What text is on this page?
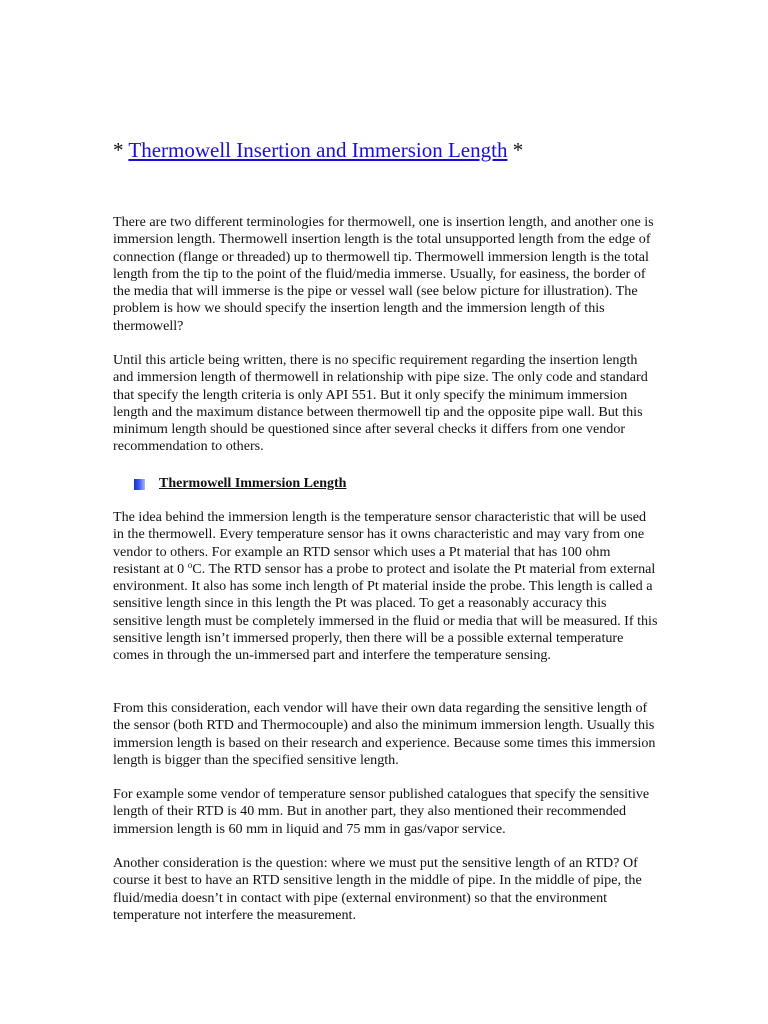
* Thermowell Insertion and Immersion Length *

There are two different terminologies for thermowell, one is insertion length, and another one is immersion length. Thermowell insertion length is the total unsupported length from the edge of connection (flange or threaded) up to thermowell tip. Thermowell immersion length is the total length from the tip to the point of the fluid/media immerse. Usually, for easiness, the border of the media that will immerse is the pipe or vessel wall (see below picture for illustration). The problem is how we should specify the insertion length and the immersion length of this thermowell?

Until this article being written, there is no specific requirement regarding the insertion length and immersion length of thermowell in relationship with pipe size. The only code and standard that specify the length criteria is only API 551. But it only specify the minimum immersion length and the maximum distance between thermowell tip and the opposite pipe wall. But this minimum length should be questioned since after several checks it differs from one vendor recommendation to others.

Thermowell Immersion Length

The idea behind the immersion length is the temperature sensor characteristic that will be used in the thermowell. Every temperature sensor has it owns characteristic and may vary from one vendor to others. For example an RTD sensor which uses a Pt material that has 100 ohm resistant at 0 $^o$C. The RTD sensor has a probe to protect and isolate the Pt material from external environment. It also has some inch length of Pt material inside the probe. This length is called a sensitive length since in this length the Pt was placed. To get a reasonably accuracy this sensitive length must be completely immersed in the fluid or media that will be measured. If this sensitive length isn’t immersed properly, then there will be a possible external temperature comes in through the un-immersed part and interfere the temperature sensing.

From this consideration, each vendor will have their own data regarding the sensitive length of the sensor (both RTD and Thermocouple) and also the minimum immersion length. Usually this immersion length is based on their research and experience. Because some times this immersion length is bigger than the specified sensitive length.

For example some vendor of temperature sensor published catalogues that specify the sensitive length of their RTD is 40 mm. But in another part, they also mentioned their recommended immersion length is 60 mm in liquid and 75 mm in gas/vapor service.

Another consideration is the question: where we must put the sensitive length of an RTD? Of course it best to have an RTD sensitive length in the middle of pipe. In the middle of pipe, the fluid/media doesn’t in contact with pipe (external environment) so that the environment temperature not interfere the measurement.
